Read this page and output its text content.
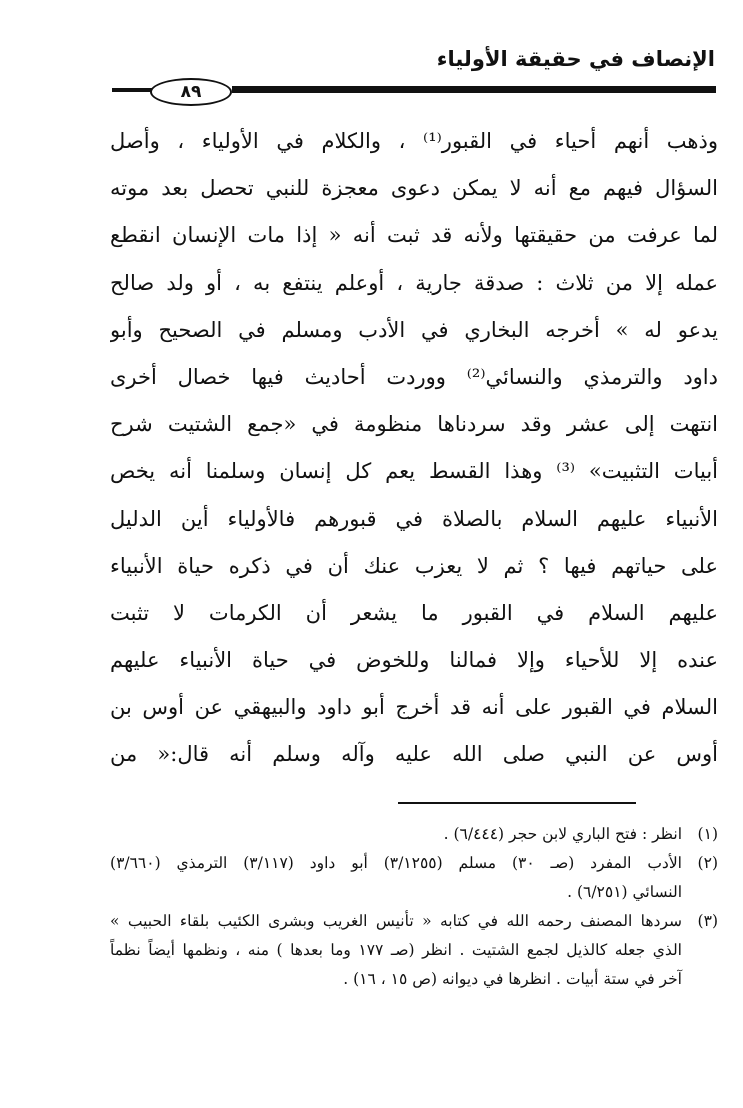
الإنصاف في حقيقة الأولياء
٨٩
وذهب أنهم أحياء في القبور⁽¹⁾ ، والكلام في الأولياء ، وأصل
السؤال فيهم مع أنه لا يمكن دعوى معجزة للنبي تحصل بعد موته
لما عرفت من حقيقتها ولأنه قد ثبت أنه « إذا مات الإنسان انقطع
عمله إلا من ثلاث : صدقة جارية ، أوعلم ينتفع به ، أو ولد صالح
يدعو له » أخرجه البخاري في الأدب ومسلم في الصحيح وأبو
داود والترمذي والنسائي⁽²⁾ ووردت أحاديث فيها خصال أخرى
انتهت إلى عشر وقد سردناها منظومة في «جمع الشتيت شرح
أبيات التثبيت» ⁽³⁾ وهذا القسط يعم كل إنسان وسلمنا أنه يخص
الأنبياء عليهم السلام بالصلاة في قبورهم فالأولياء أين الدليل
على حياتهم فيها ؟ ثم لا يعزب عنك أن في ذكره حياة الأنبياء
عليهم السلام في القبور ما يشعر أن الكرمات لا تثبت
عنده إلا للأحياء وإلا فمالنا وللخوض في حياة الأنبياء عليهم
السلام في القبور على أنه قد أخرج أبو داود والبيهقي عن أوس بن
أوس عن النبي صلى الله عليه وآله وسلم أنه قال:« من
(١)انظر : فتح الباري لابن حجر (٦/٤٤٤) .
(٢)الأدب المفرد (صـ ٣٠) مسلم (٣/١٢٥٥) أبو داود (٣/١١٧) الترمذي (٣/٦٦٠)
النسائي (٦/٢٥١) .
(٣)سردها المصنف رحمه الله في كتابه « تأنيس الغريب وبشرى الكئيب بلقاء الحبيب »
الذي جعله كالذيل لجمع الشتيت . انظر (صـ ١٧٧ وما بعدها ) منه ، ونظمها أيضاً نظماً
آخر في ستة أبيات . انظرها في ديوانه (ص ١٥ ، ١٦) .
